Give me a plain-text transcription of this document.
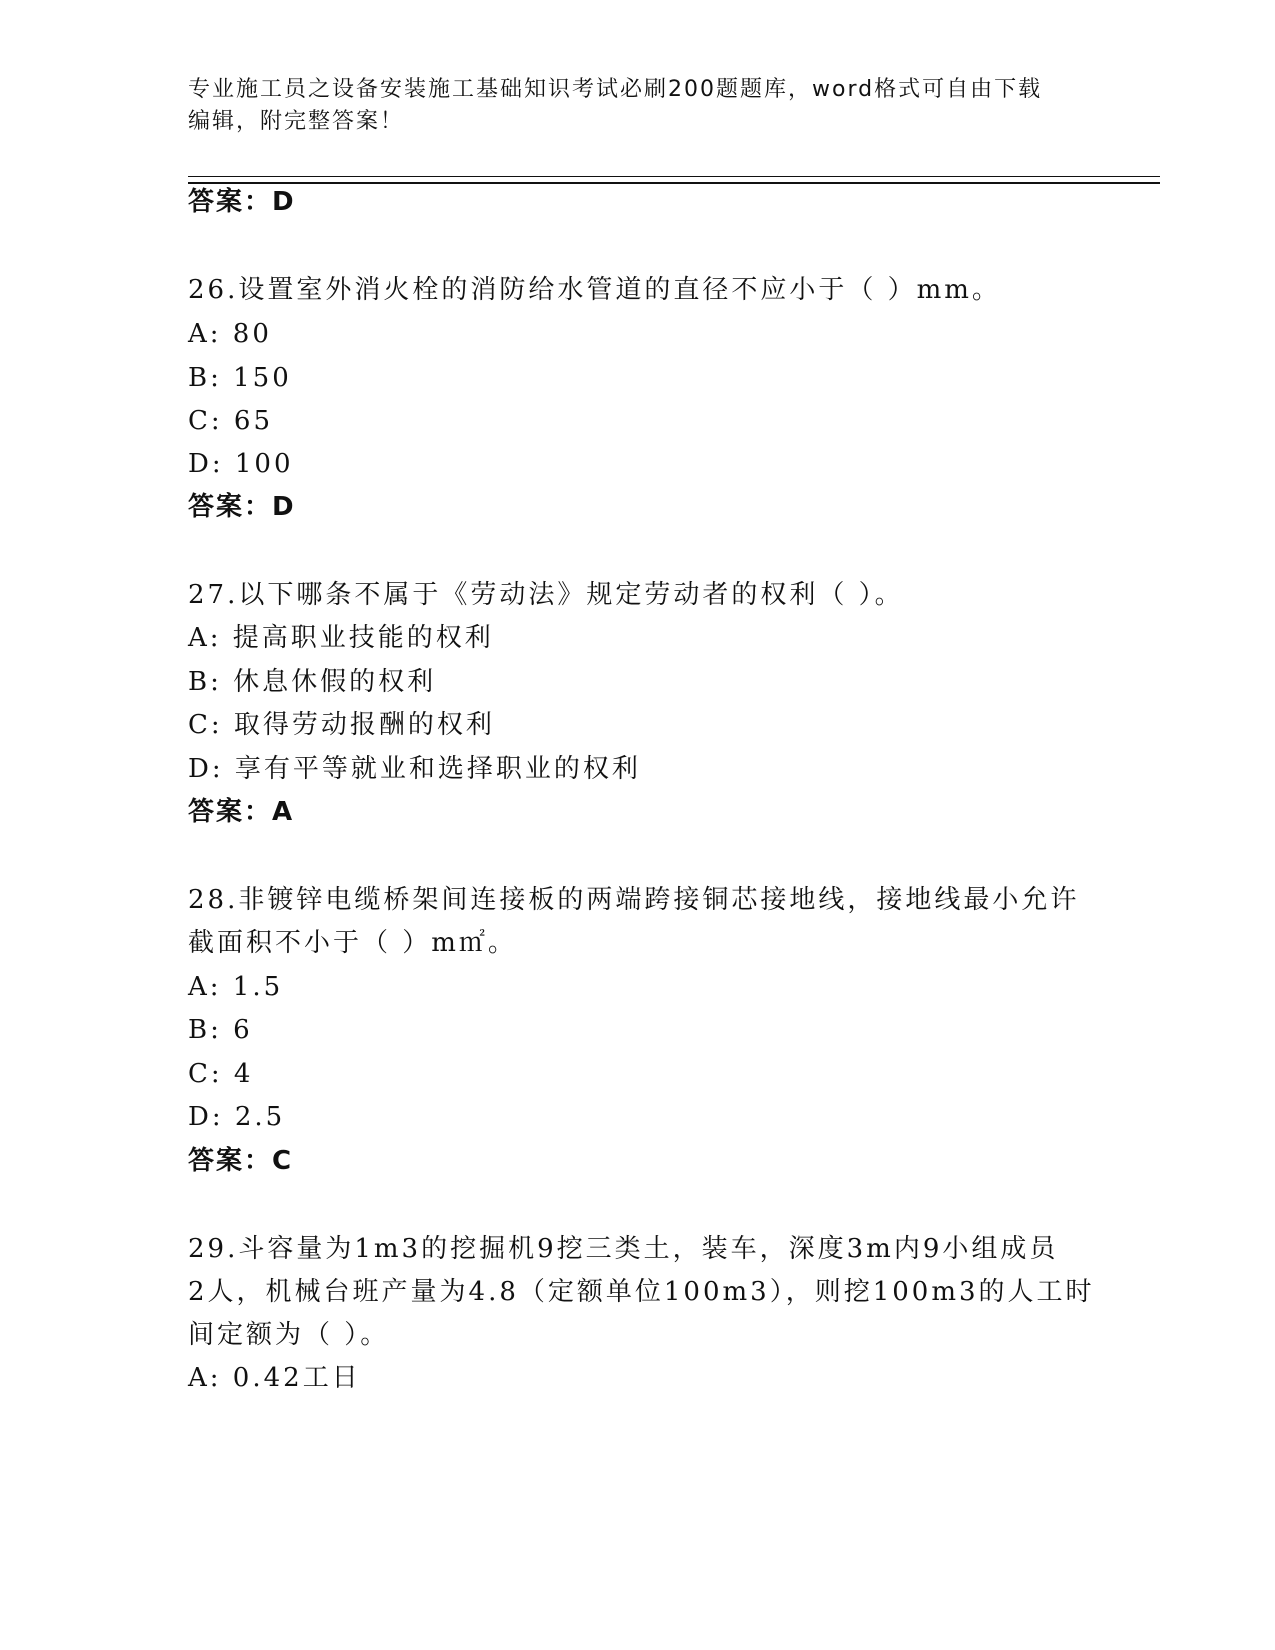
专业施工员之设备安装施工基础知识考试必刷200题题库，word格式可自由下载
编辑，附完整答案！
答案：D
26.设置室外消火栓的消防给水管道的直径不应小于（ ）mm。
A: 80
B: 150
C: 65
D: 100
答案：D
27.以下哪条不属于《劳动法》规定劳动者的权利（ ）。
A: 提高职业技能的权利
B: 休息休假的权利
C: 取得劳动报酬的权利
D: 享有平等就业和选择职业的权利
答案：A
28.非镀锌电缆桥架间连接板的两端跨接铜芯接地线，接地线最小允许
截面积不小于（ ）m㎡。
A: 1.5
B: 6
C: 4
D: 2.5
答案：C
29.斗容量为1m3的挖掘机9挖三类土，装车，深度3m内9小组成员
2人，机械台班产量为4.8（定额单位100m3），则挖100m3的人工时
间定额为（ ）。
A: 0.42工日
